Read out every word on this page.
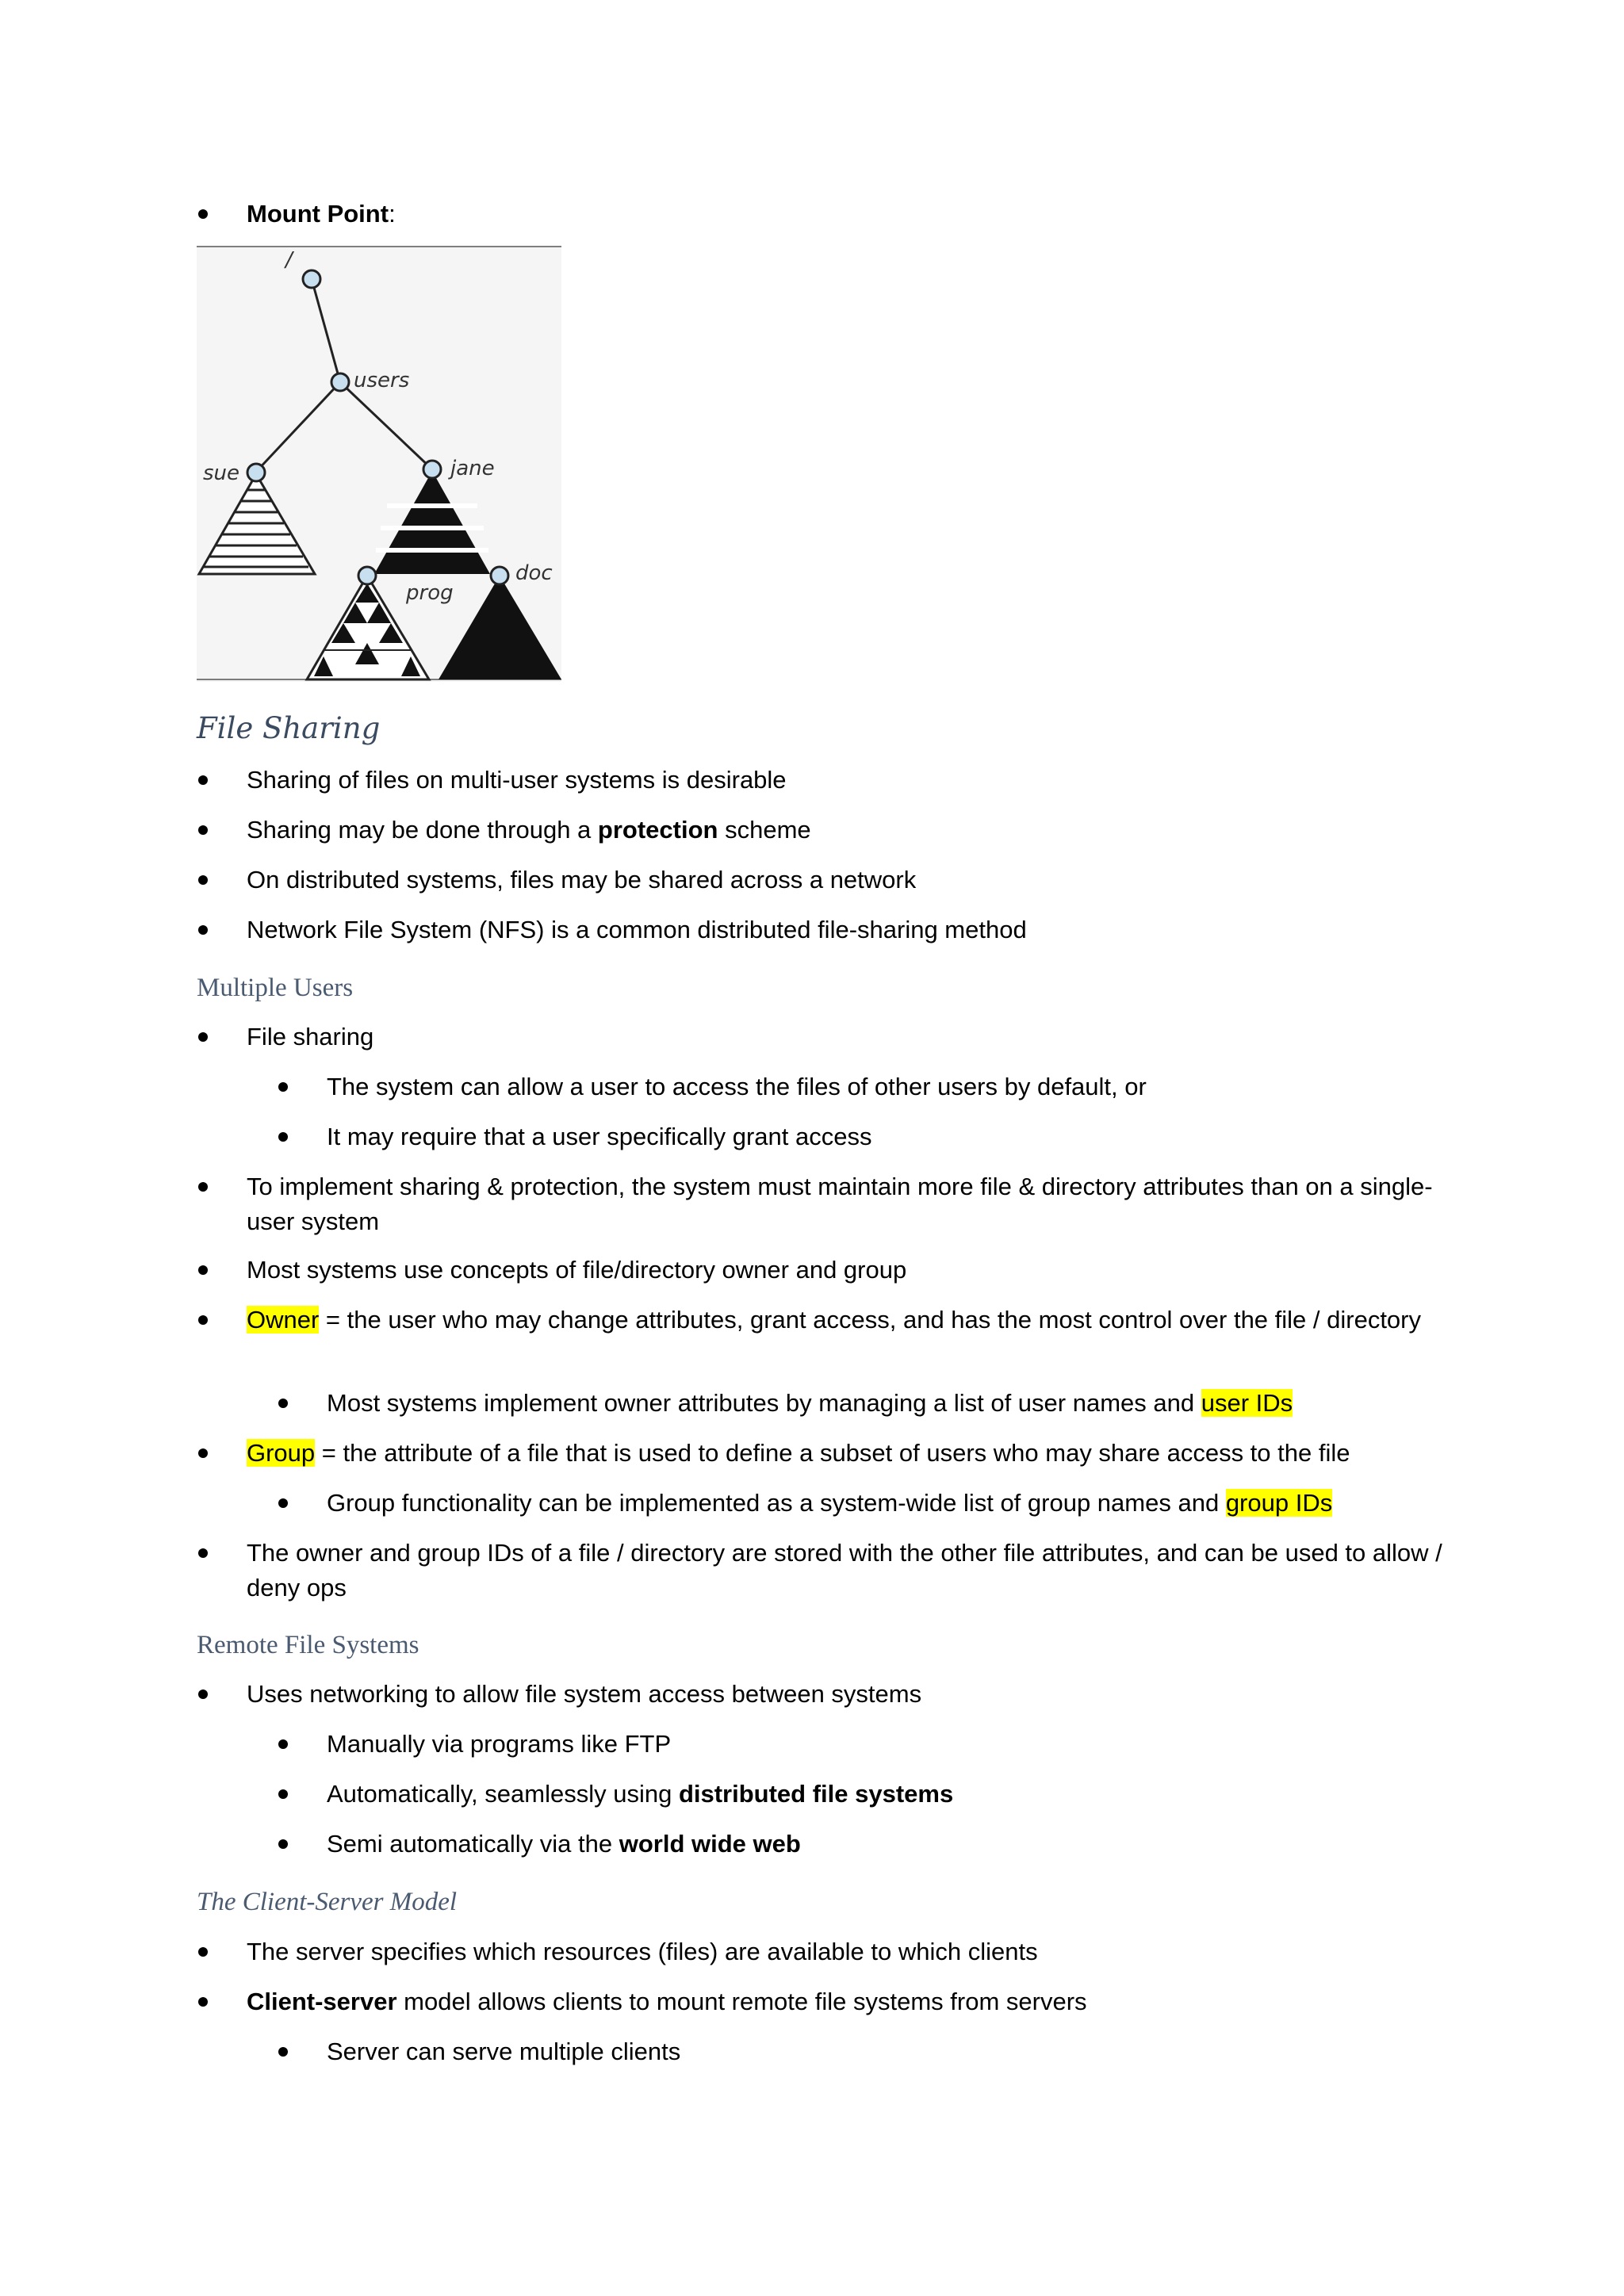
Mount Point:
/
users
sue	jane
prog
doc
File Sharing
Sharing of files on multi-user systems is desirable
Sharing may be done through a protection scheme
On distributed systems, files may be shared across a network
Network File System (NFS) is a common distributed file-sharing method
Multiple Users
File sharing
The system can allow a user to access the files of other users by default, or
It may require that a user specifically grant access
To implement sharing & protection, the system must maintain more file & directory attributes than on a single-user system
Most systems use concepts of file/directory owner and group
Owner = the user who may change attributes, grant access, and has the most control over the file / directory
Most systems implement owner attributes by managing a list of user names and user IDs
Group = the attribute of a file that is used to define a subset of users who may share access to the file
Group functionality can be implemented as a system-wide list of group names and group IDs
The owner and group IDs of a file / directory are stored with the other file attributes, and can be used to allow / deny ops
Remote File Systems
Uses networking to allow file system access between systems
Manually via programs like FTP
Automatically, seamlessly using distributed file systems
Semi automatically via the world wide web
The Client-Server Model
The server specifies which resources (files) are available to which clients
Client-server model allows clients to mount remote file systems from servers
Server can serve multiple clients
